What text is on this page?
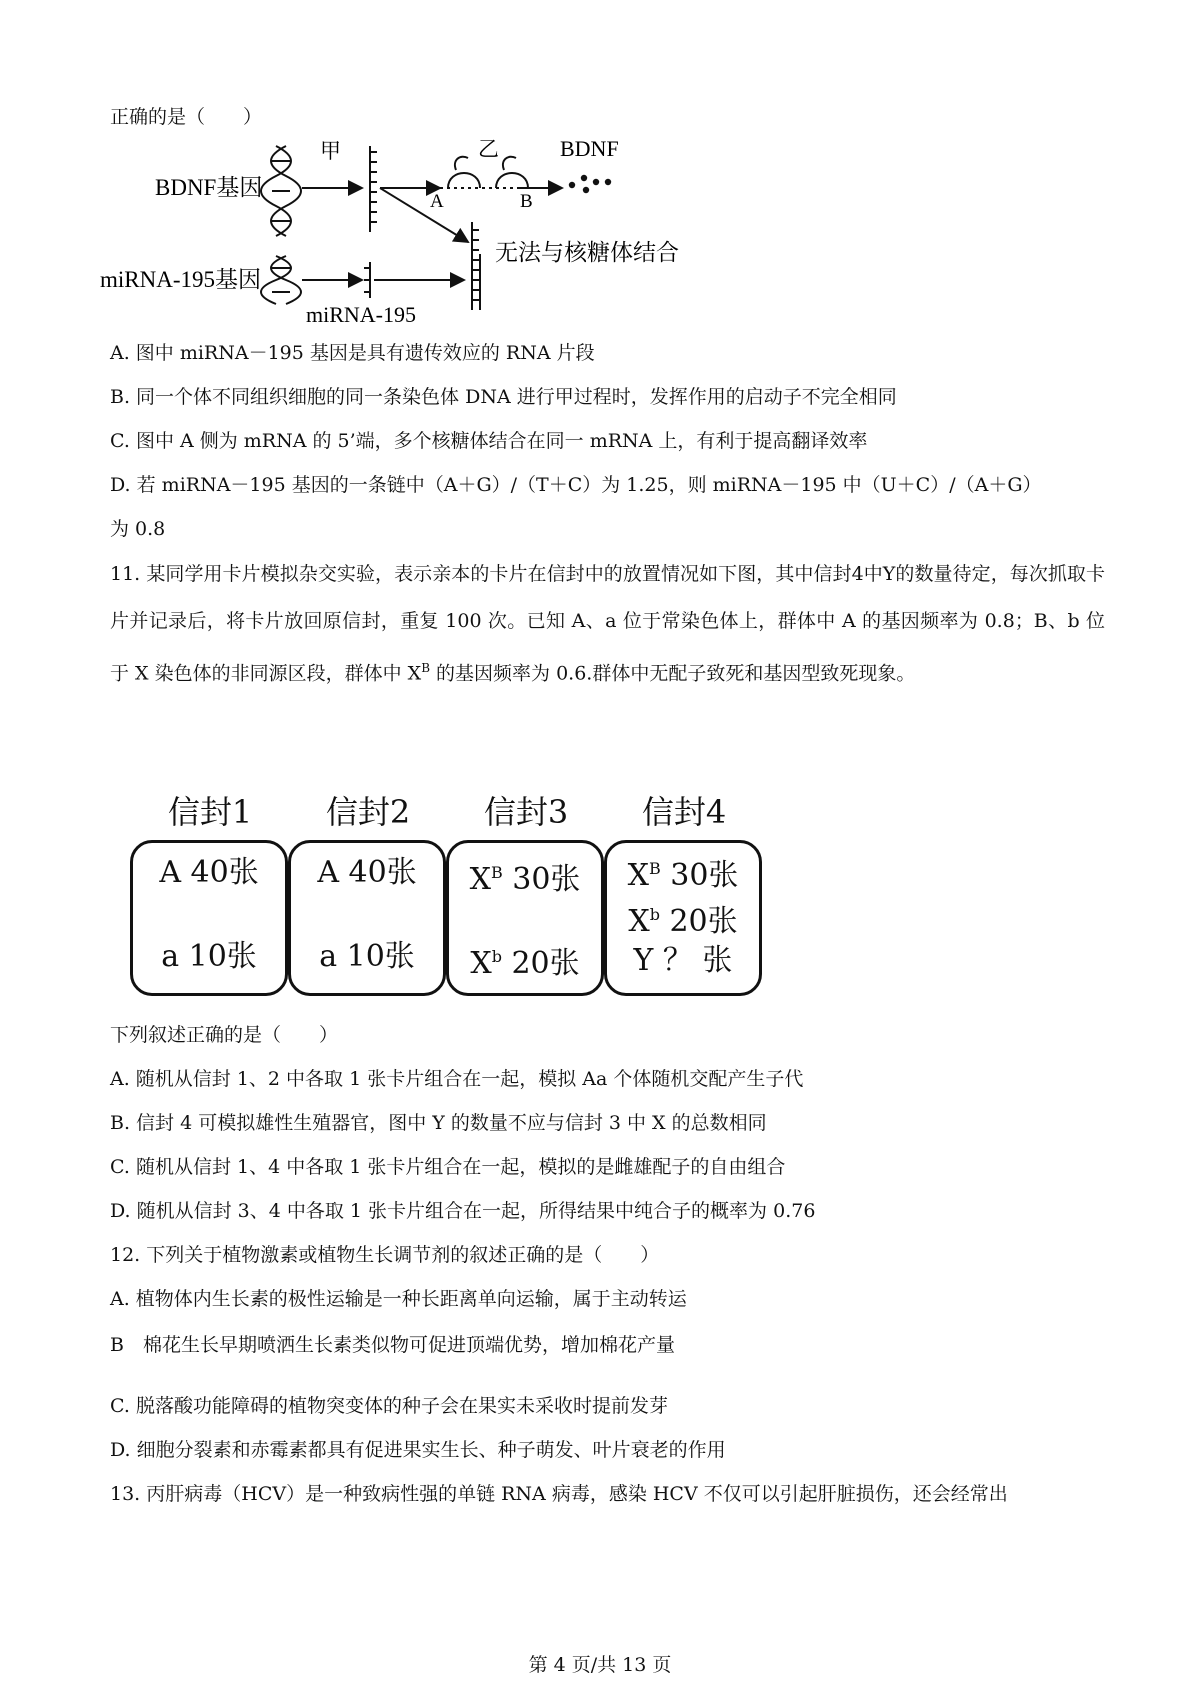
正确的是（　　）
BDNF基因
miRNA-195基因
甲	乙	BDNF
A	B
无法与核糖体结合
miRNA-195
A. 图中 miRNA－195 基因是具有遗传效应的 RNA 片段
B. 同一个体不同组织细胞的同一条染色体 DNA 进行甲过程时，发挥作用的启动子不完全相同
C. 图中 A 侧为 mRNA 的 5’端，多个核糖体结合在同一 mRNA 上，有利于提高翻译效率
D. 若 miRNA－195 基因的一条链中（A＋G）/（T＋C）为 1.25，则 miRNA－195 中（U＋C）/（A＋G）
为 0.8
11. 某同学用卡片模拟杂交实验，表示亲本的卡片在信封中的放置情况如下图，其中信封4中Y的数量待定，每次抓取卡片并记录后，将卡片放回原信封，重复 100 次。已知 A、a 位于常染色体上，群体中 A 的基因频率为 0.8；B、b 位于 X 染色体的非同源区段，群体中 $X^B$ 的基因频率为 0.6.群体中无配子致死和基因型致死现象。
信封1
A 40张
a 10张
信封2
A 40张
a 10张
信封3
$X^B$ 30张
$X^b$ 20张
信封4
$X^B$ 30张
$X^b$ 20张
Y ？ 张
下列叙述正确的是（　　）
A. 随机从信封 1、2 中各取 1 张卡片组合在一起，模拟 Aa 个体随机交配产生子代
B. 信封 4 可模拟雄性生殖器官，图中 Y 的数量不应与信封 3 中 X 的总数相同
C. 随机从信封 1、4 中各取 1 张卡片组合在一起，模拟的是雌雄配子的自由组合
D. 随机从信封 3、4 中各取 1 张卡片组合在一起，所得结果中纯合子的概率为 0.76
12. 下列关于植物激素或植物生长调节剂的叙述正确的是（　　）
A. 植物体内生长素的极性运输是一种长距离单向运输，属于主动转运
B　棉花生长早期喷洒生长素类似物可促进顶端优势，增加棉花产量
C. 脱落酸功能障碍的植物突变体的种子会在果实未采收时提前发芽
D. 细胞分裂素和赤霉素都具有促进果实生长、种子萌发、叶片衰老的作用
13. 丙肝病毒（HCV）是一种致病性强的单链 RNA 病毒，感染 HCV 不仅可以引起肝脏损伤，还会经常出
第 4 页/共 13 页
